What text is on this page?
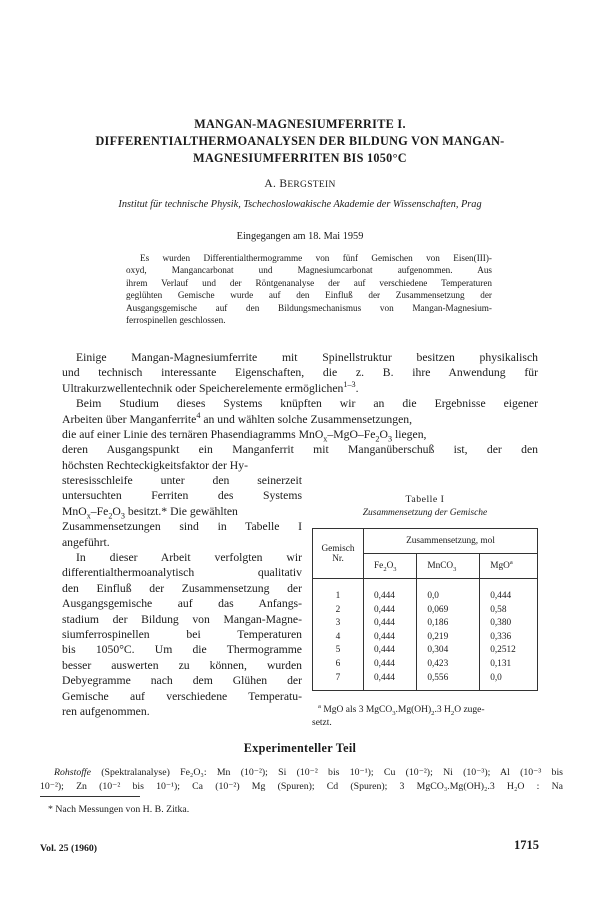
MANGAN-MAGNESIUMFERRITE I.
DIFFERENTIALTHERMOANALYSEN DER BILDUNG VON MANGAN-
MAGNESIUMFERRITEN BIS 1050°C
A. BERGSTEIN
Institut für technische Physik, Tschechoslowakische Akademie der Wissenschaften, Prag
Eingegangen am 18. Mai 1959
Es wurden Differentialthermogramme von fünf Gemischen von Eisen(III)-
oxyd, Mangancarbonat und Magnesiumcarbonat aufgenommen. Aus
ihrem Verlauf und der Röntgenanalyse der auf verschiedene Temperaturen
geglühten Gemische wurde auf den Einfluß der Zusammensetzung der
Ausgangsgemische auf den Bildungsmechanismus von Mangan-Magnesium-
ferrospinellen geschlossen.
Einige Mangan-Magnesiumferrite mit Spinellstruktur besitzen physikalisch
und technisch interessante Eigenschaften, die z. B. ihre Anwendung für
Ultrakurzwellentechnik oder Speicherelemente ermöglichen$^{1-3}$.
Beim Studium dieses Systems knüpften wir an die Ergebnisse eigener
Arbeiten über Manganferrite$^4$ an und wählten solche Zusammensetzungen,
die auf einer Linie des ternären Phasendiagramms $MnO_x-MgO-Fe_2O_3$ liegen,
deren Ausgangspunkt ein Manganferrit mit Manganüberschuß ist, der den
höchsten Rechteckigkeitsfaktor der Hy-
steresisschleife unter den seinerzeit
untersuchten Ferriten des Systems
$MnO_x-Fe_2O_3$ besitzt.* Die gewählten
Zusammensetzungen sind in Tabelle I
angeführt.
In dieser Arbeit verfolgten wir
differentialthermoanalytisch qualitativ
den Einfluß der Zusammensetzung der
Ausgangsgemische auf das Anfangs-
stadium der Bildung von Mangan-Magne-
siumferrospinellen bei Temperaturen
bis 1050°C. Um die Thermogramme
besser auswerten zu können, wurden
Debyegramme nach dem Glühen der
Gemische auf verschiedene Temperatu-
ren aufgenommen.
Tabelle I
Zusammensetzung der Gemische
Gemisch
Nr.	Zusammensetzung, mol		
	$Fe_2O_3$	MnCO$_3$	MgO$^a$
1	0,444	0,0	0,444
2	0,444	0,069	0,58
3	0,444	0,186	0,380
4	0,444	0,219	0,336
5	0,444	0,304	0,2512
6	0,444	0,423	0,131
7	0,444	0,556	0,0
$^a$ MgO als 3 $MgCO_3.Mg(OH)_2.3$ $H_2O$ zuge-
setzt.
Experimenteller Teil
Rohstoffe (Spektralanalyse) Fe₂O₃: Mn (10⁻²); Si (10⁻² bis 10⁻¹); Cu (10⁻²); Ni (10⁻³); Al (10⁻³ bis
10⁻²); Zn (10⁻² bis 10⁻¹); Ca (10⁻²) Mg (Spuren); Cd (Spuren); 3 MgCO₃.Mg(OH)₂.3 H₂O : Na
* Nach Messungen von H. B. Zitka.
Vol. 25 (1960)	1715
